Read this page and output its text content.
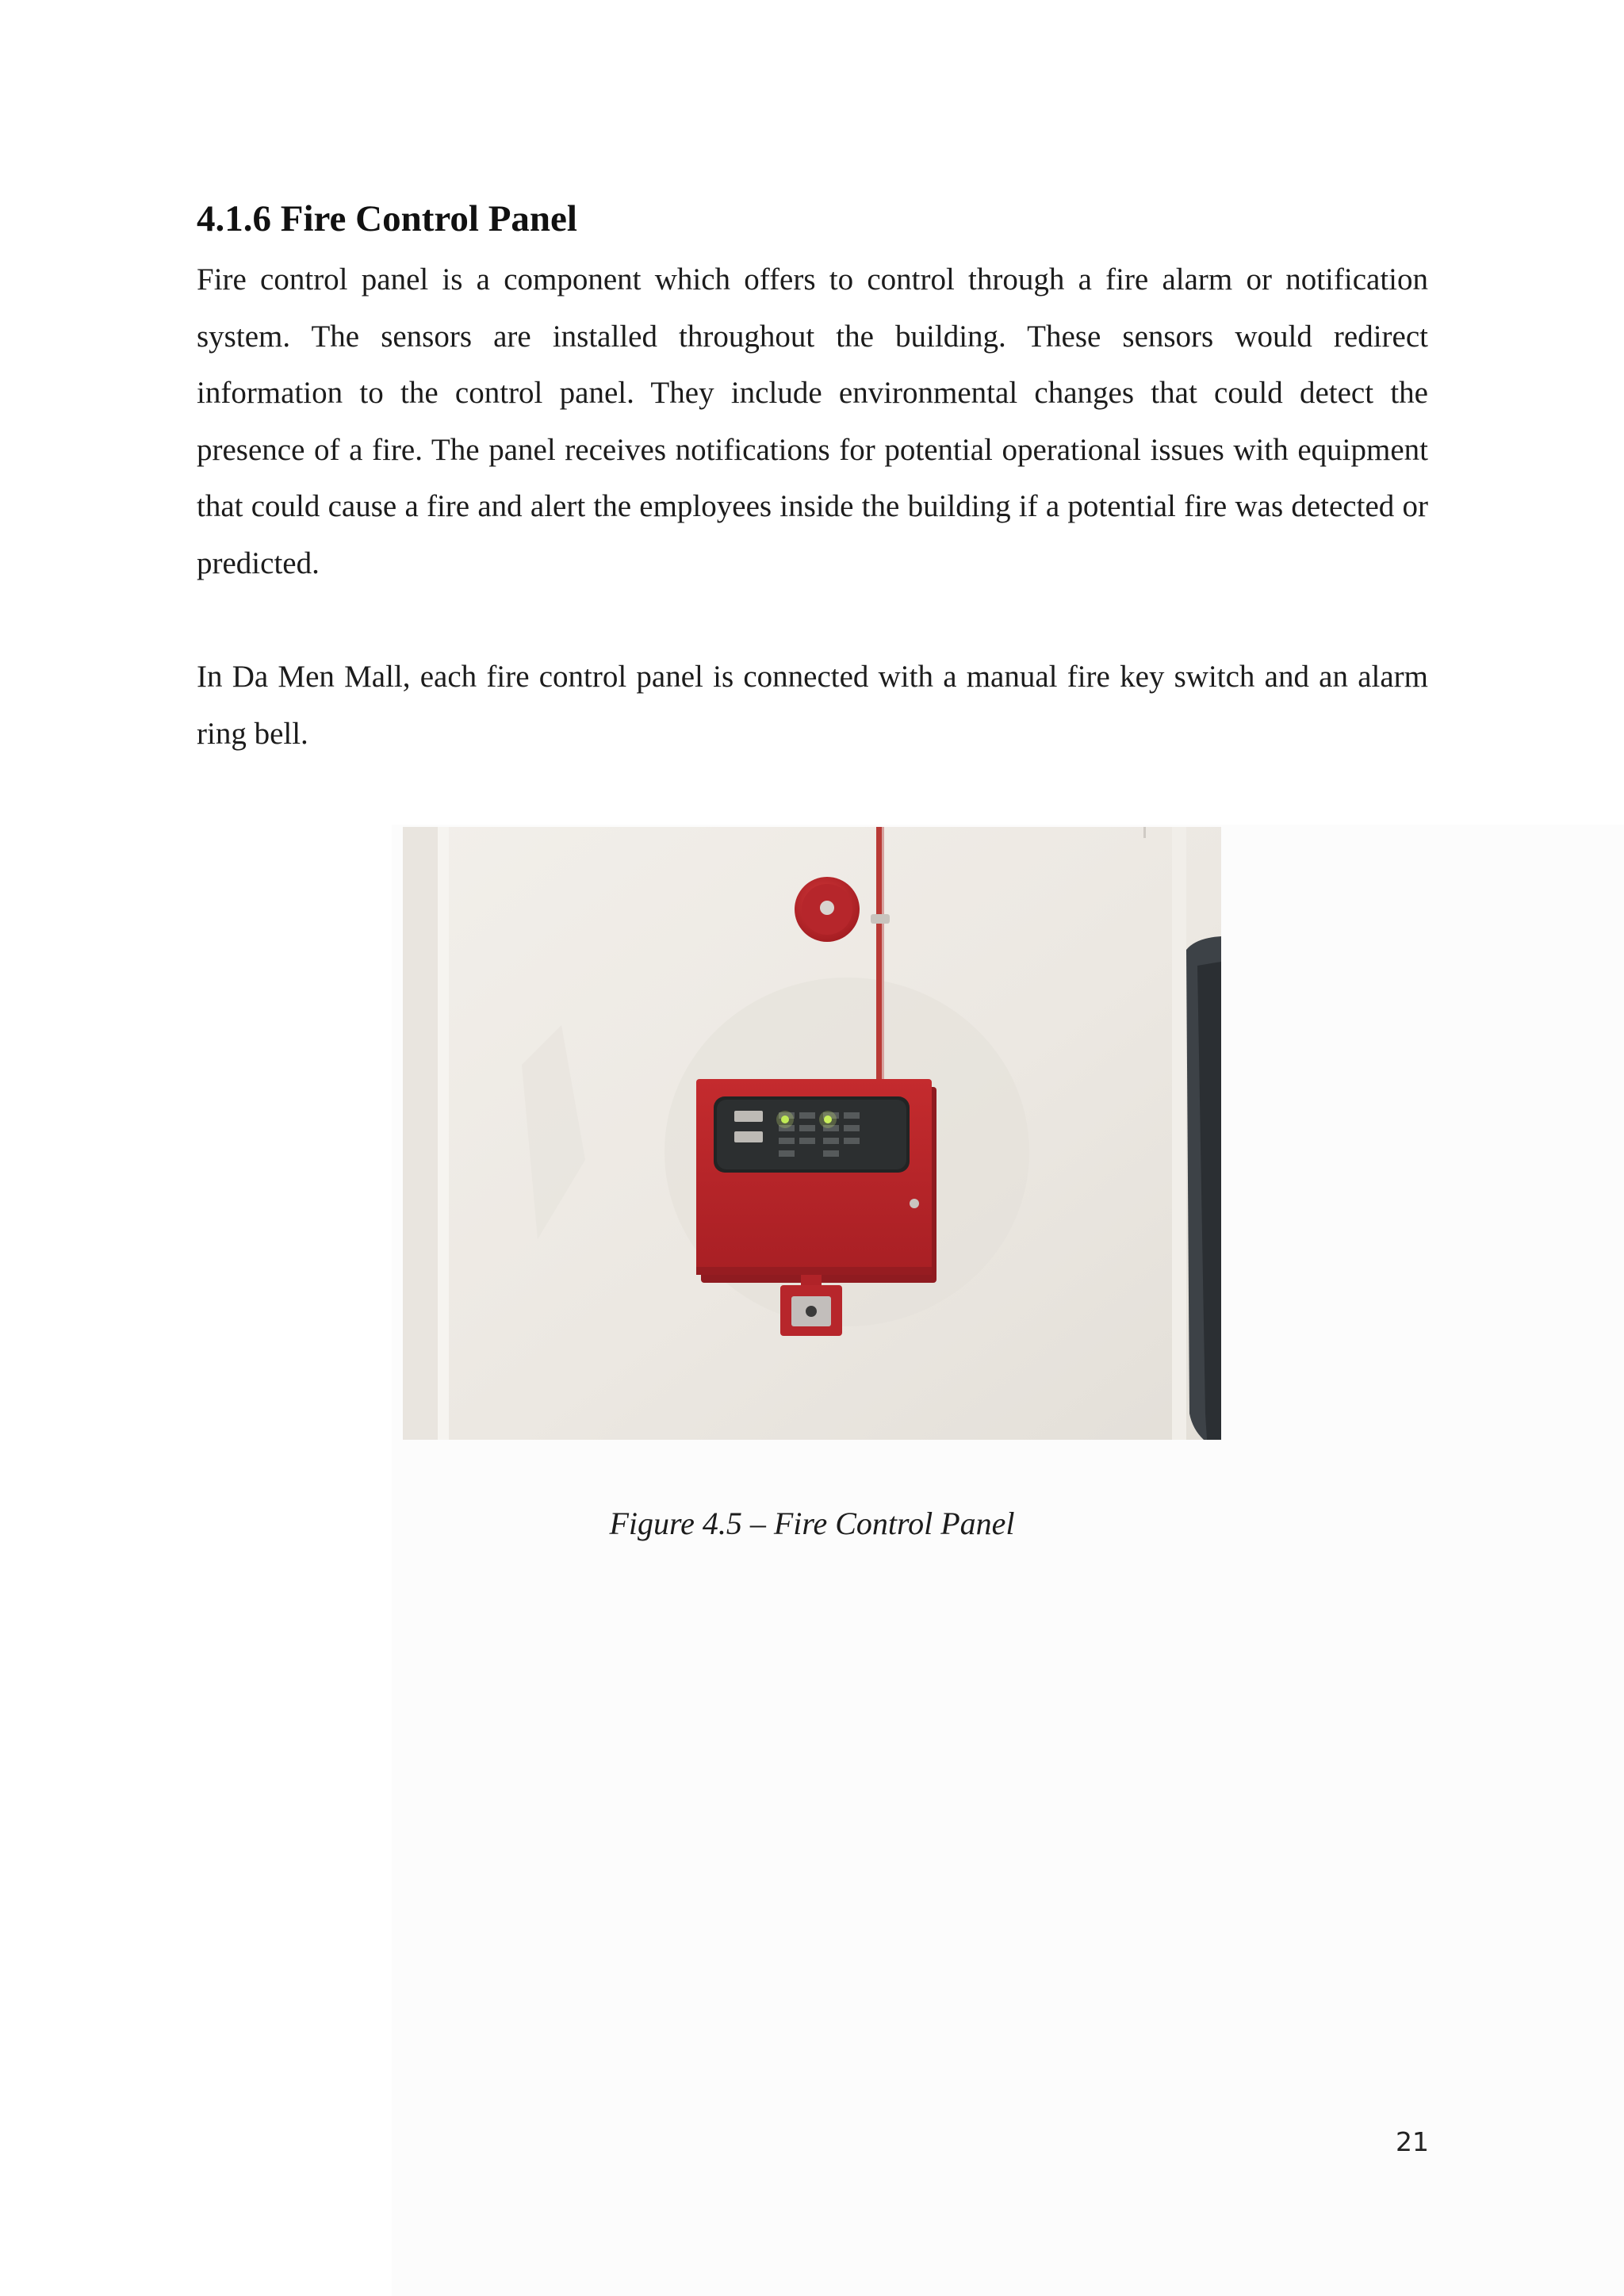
4.1.6 Fire Control Panel

Fire control panel is a component which offers to control through a fire alarm or notification system. The sensors are installed throughout the building. These sensors would redirect information to the control panel. They include environmental changes that could detect the presence of a fire. The panel receives notifications for potential operational issues with equipment that could cause a fire and alert the employees inside the building if a potential fire was detected or predicted.

In Da Men Mall, each fire control panel is connected with a manual fire key switch and an alarm ring bell.

Figure 4.5 – Fire Control Panel

21
